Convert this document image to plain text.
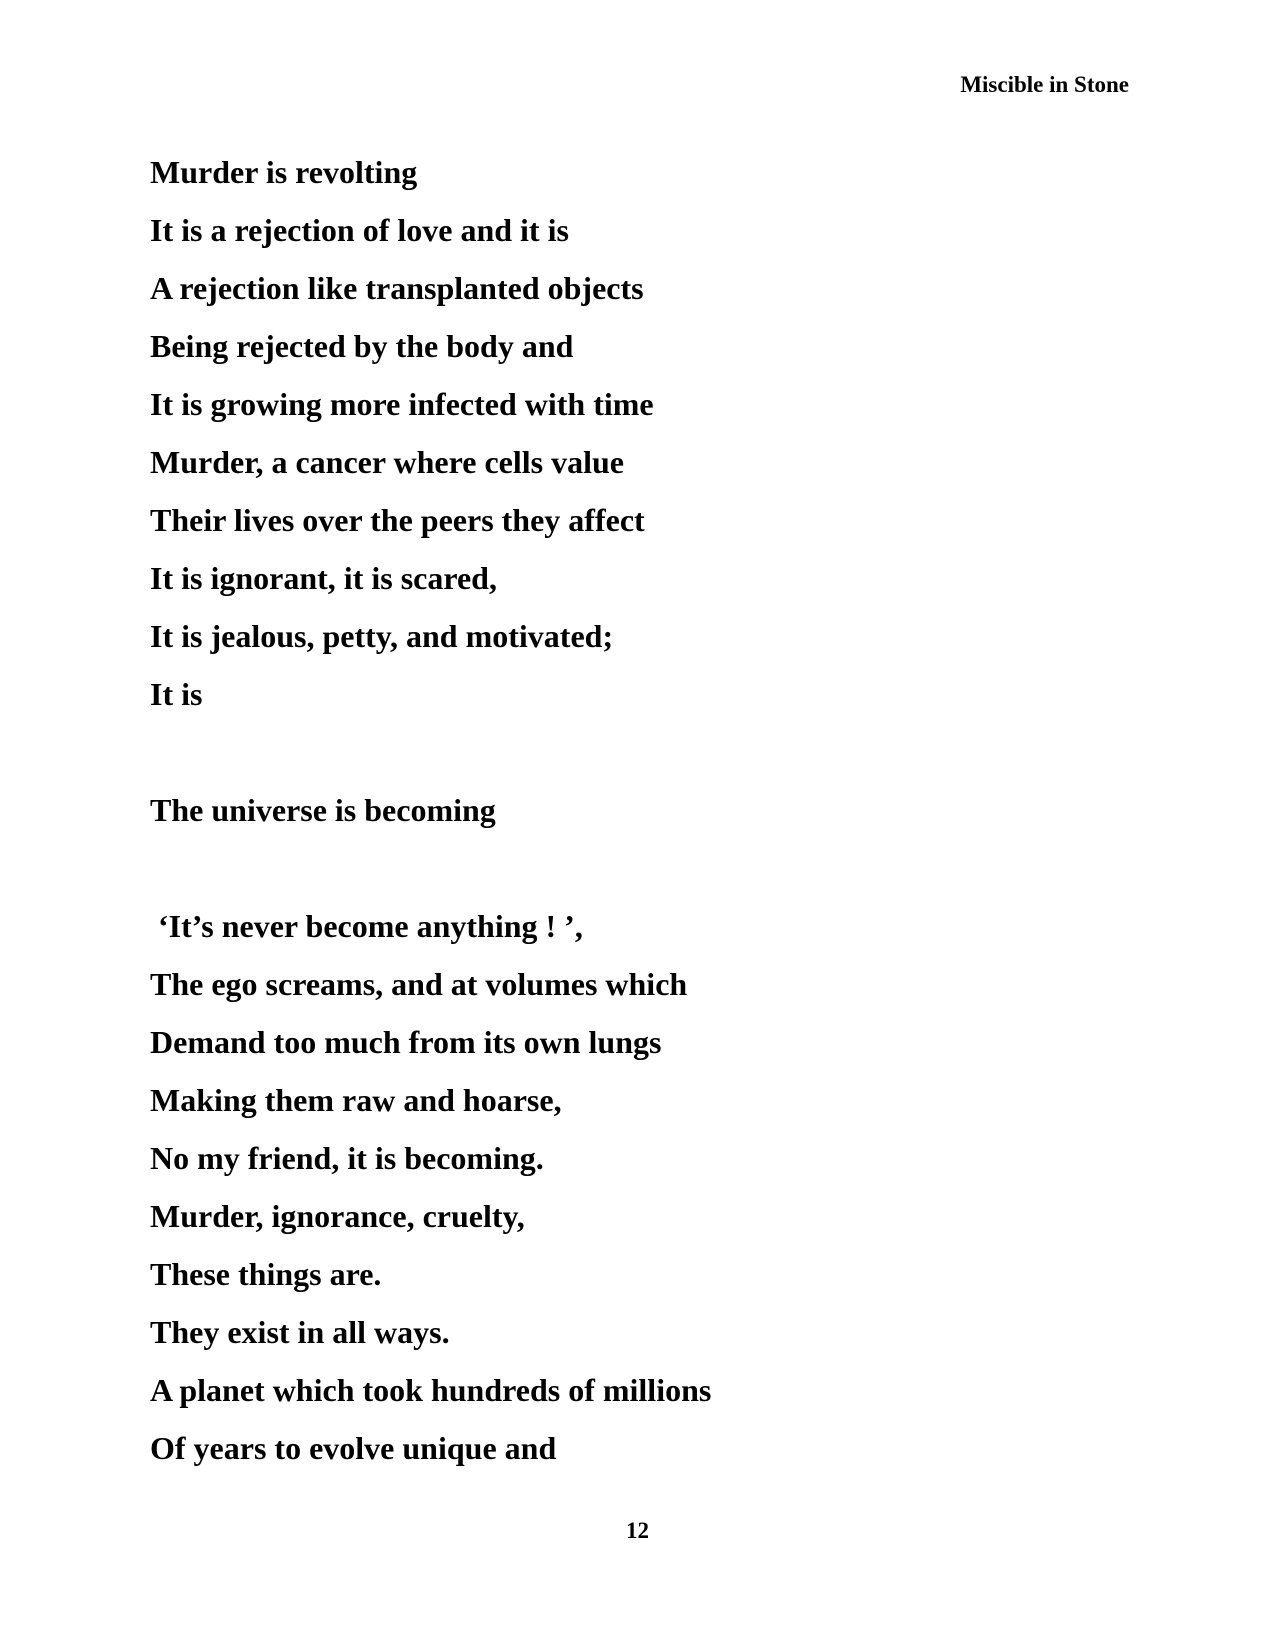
Miscible in Stone
Murder is revolting
It is a rejection of love and it is
A rejection like transplanted objects
Being rejected by the body and
It is growing more infected with time
Murder, a cancer where cells value
Their lives over the peers they affect
It is ignorant, it is scared,
It is jealous, petty, and motivated;
It is
The universe is becoming
‘It’s never become anything ! ’,
The ego screams, and at volumes which
Demand too much from its own lungs
Making them raw and hoarse,
No my friend, it is becoming.
Murder, ignorance, cruelty,
These things are.
They exist in all ways.
A planet which took hundreds of millions
Of years to evolve unique and
12
